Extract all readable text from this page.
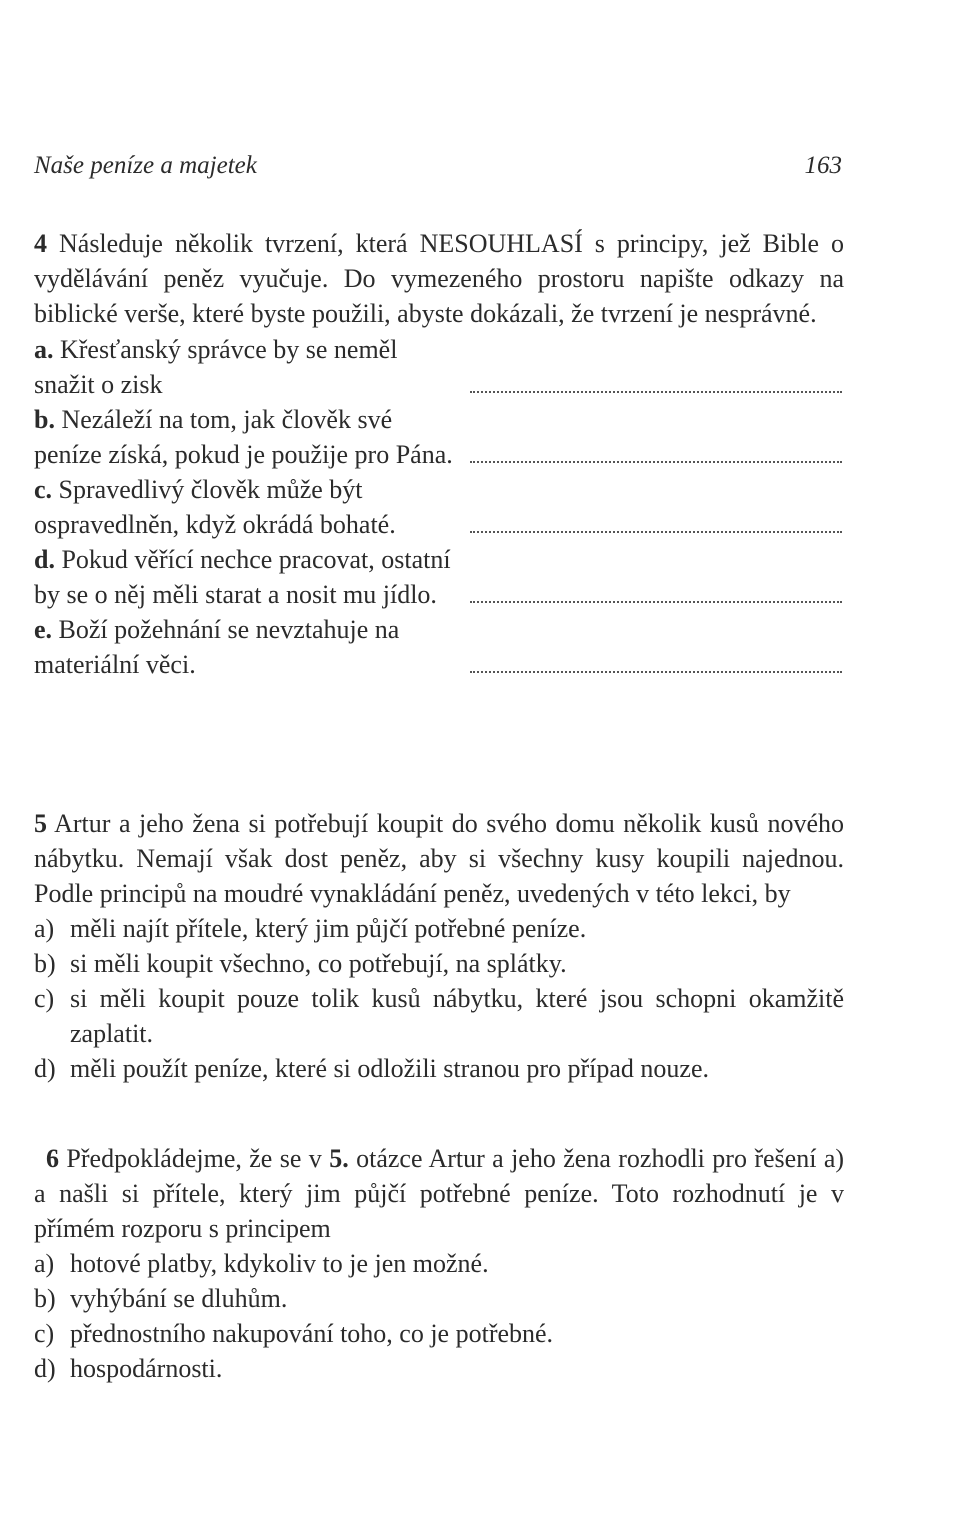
Naše peníze a majetek	163

4 Následuje několik tvrzení, která NESOUHLASÍ s principy, jež Bible o vydělávání peněz vyučuje. Do vymezeného prostoru napište odkazy na biblické verše, které byste použili, abyste dokázali, že tvrzení je nesprávné.

a. Křesťanský správce by se neměl snažit o zisk
b. Nezáleží na tom, jak člověk své peníze získá, pokud je použije pro Pána.
c. Spravedlivý člověk může být ospravedlněn, když okrádá bohaté.
d. Pokud věřící nechce pracovat, ostatní by se o něj měli starat a nosit mu jídlo.
e. Boží požehnání se nevztahuje na materiální věci.

5 Artur a jeho žena si potřebují koupit do svého domu několik kusů nového nábytku. Nemají však dost peněz, aby si všechny kusy koupili najednou. Podle principů na moudré vynakládání peněz, uvedených v této lekci, by

a) měli najít přítele, který jim půjčí potřebné peníze.
b) si měli koupit všechno, co potřebují, na splátky.
c) si měli koupit pouze tolik kusů nábytku, které jsou schopni okamžitě zaplatit.
d) měli použít peníze, které si odložili stranou pro případ nouze.

6 Předpokládejme, že se v 5. otázce Artur a jeho žena rozhodli pro řešení a) a našli si přítele, který jim půjčí potřebné peníze. Toto rozhodnutí je v přímém rozporu s principem

a) hotové platby, kdykoliv to je jen možné.
b) vyhýbání se dluhům.
c) přednostního nakupování toho, co je potřebné.
d) hospodárnosti.
